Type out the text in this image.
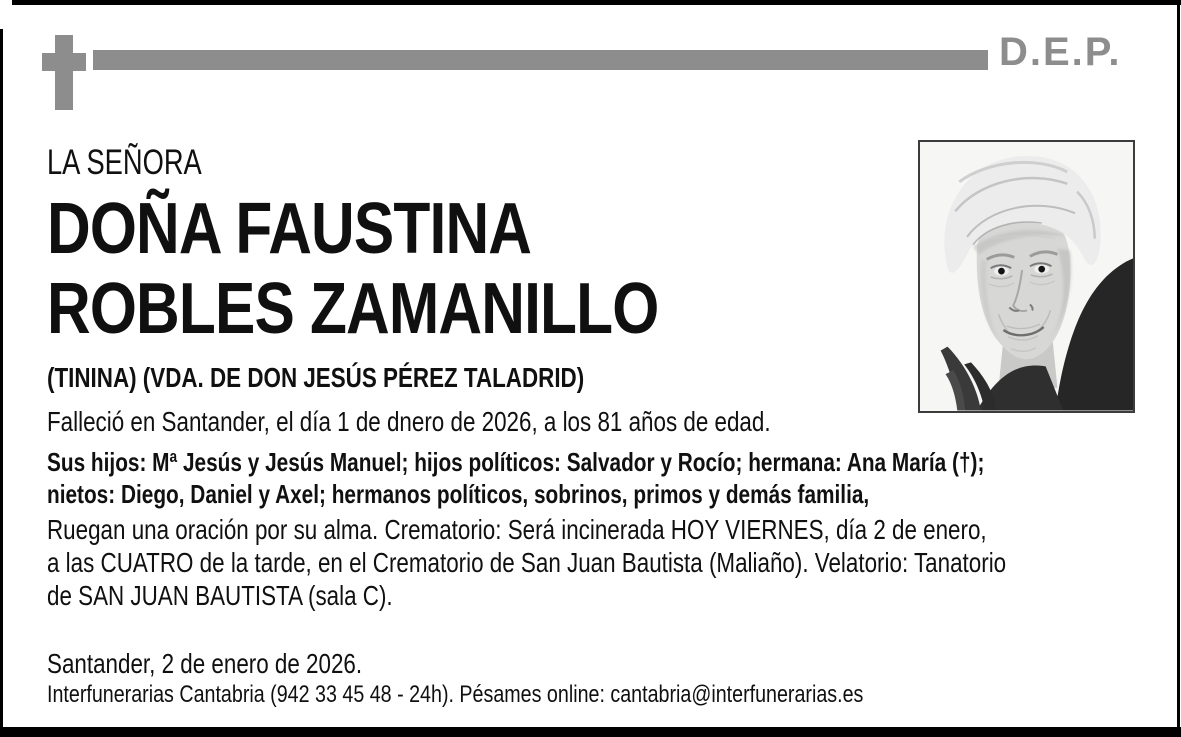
D.E.P.
LA SEÑORA
DOÑA FAUSTINA
ROBLES ZAMANILLO
(TININA) (VDA. DE DON JESÚS PÉREZ TALADRID)
Falleció en Santander, el día 1 de dnero de 2026, a los 81 años de edad.
Sus hijos: Mª Jesús y Jesús Manuel; hijos políticos: Salvador y Rocío; hermana: Ana María (†);
nietos: Diego, Daniel y Axel; hermanos políticos, sobrinos, primos y demás familia,
Ruegan una oración por su alma. Crematorio: Será incinerada HOY VIERNES, día 2 de enero,
a las CUATRO de la tarde, en el Crematorio de San Juan Bautista (Maliaño). Velatorio: Tanatorio
de SAN JUAN BAUTISTA (sala C).
Santander, 2 de enero de 2026.
Interfunerarias Cantabria (942 33 45 48 - 24h). Pésames online: cantabria@interfunerarias.es
